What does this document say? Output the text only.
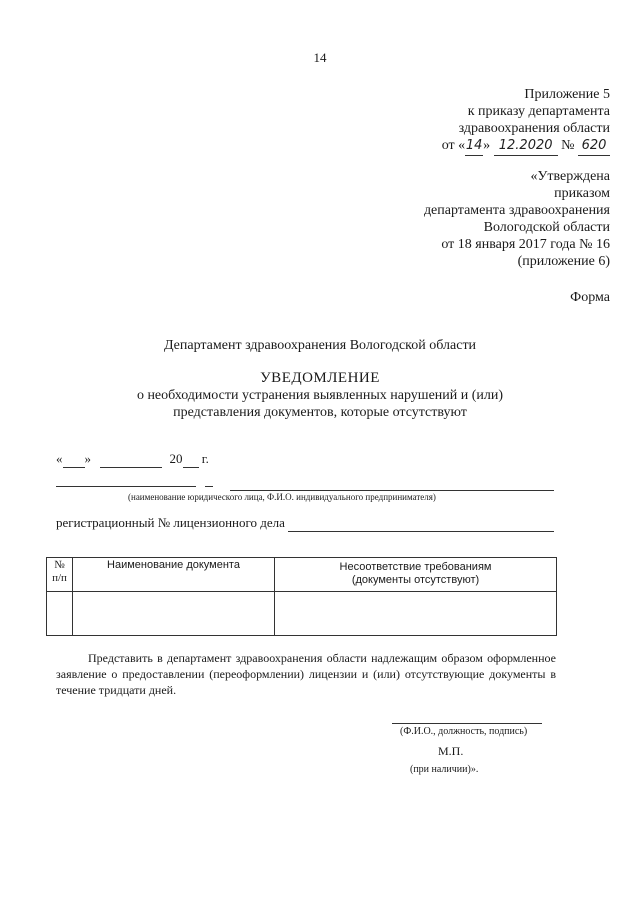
14
Приложение 5
к приказу департамента
здравоохранения области
от «14» 12.2020 № 620
«Утверждена
приказом
департамента здравоохранения
Вологодской области
от 18 января 2017 года № 16
(приложение 6)
Форма
Департамент здравоохранения Вологодской области
УВЕДОМЛЕНИЕ
о необходимости устранения выявленных нарушений и (или)
представления документов, которые отсутствуют
« »	20 г.
(наименование юридического лица, Ф.И.О. индивидуального предпринимателя)
регистрационный № лицензионного дела
№ п/п	Наименование документа	Несоответствие требованиям (документы отсутствуют)

Представить в департамент здравоохранения области надлежащим образом оформленное заявление о предоставлении (переоформлении) лицензии и (или) отсутствующие документы в течение тридцати дней.
(Ф.И.О., должность, подпись)
М.П.
(при наличии)».
